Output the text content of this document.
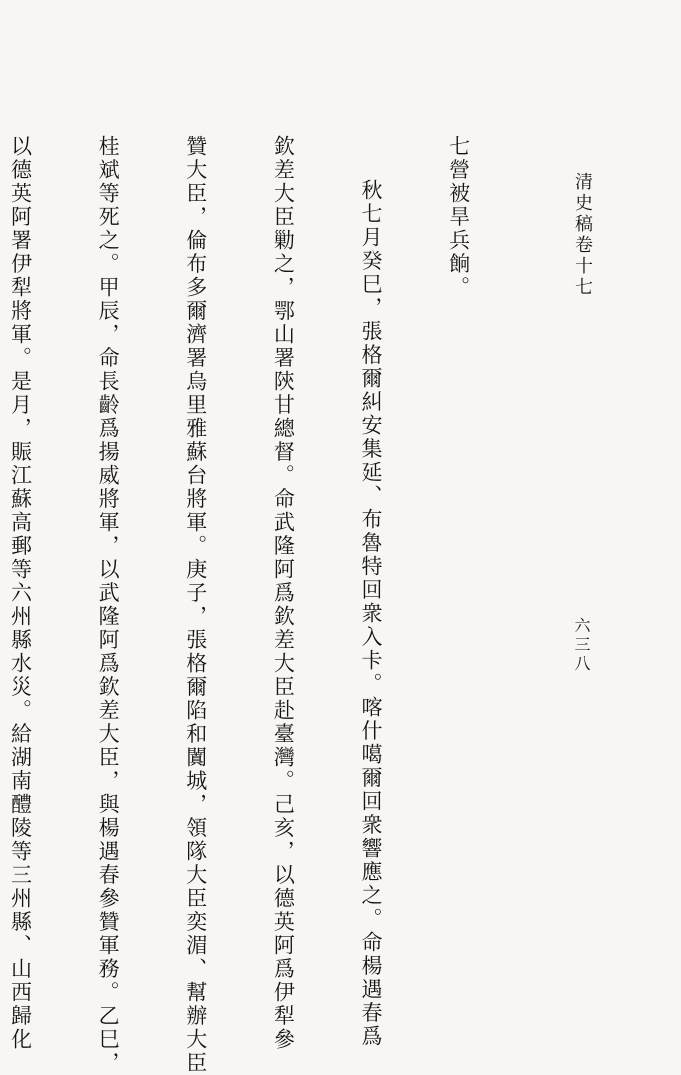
清史稿卷十七
六三八

七營被旱兵餉。

秋七月癸巳，張格爾糾安集延、布魯特回衆入卡。喀什噶爾回衆響應之。命楊遇春爲

欽差大臣勦之，鄂山署陝甘總督。命武隆阿爲欽差大臣赴臺灣。己亥，以德英阿爲伊犁參

贊大臣，倫布多爾濟署烏里雅蘇台將軍。庚子，張格爾陷和闐城，領隊大臣奕湄、幫辦大臣

桂斌等死之。甲辰，命長齡爲揚威將軍，以武隆阿爲欽差大臣，與楊遇春參贊軍務。乙巳，

以德英阿署伊犁將軍。是月，賑江蘇高郵等六州縣水災。給湖南醴陵等三州縣、山西歸化
